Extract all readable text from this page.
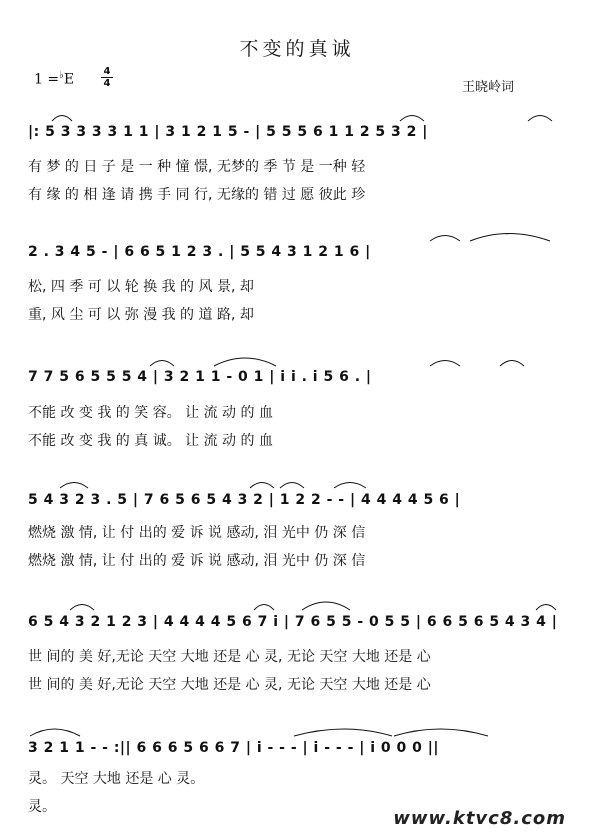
不变的真诚
1 =♭E
4
4	王晓岭词
|: 5 3 3 3 3 1 1 | 3 1 2 1 5 - | 5 5 5 6 1 1 2 5 3 2 |
有 梦 的 日 子 是 一 种 憧 憬, 无梦的 季 节 是 一种 轻
有 缘 的 相 逢 请 携 手 同 行, 无缘的 错 过 愿 彼此 珍
2 . 3 4 5 - | 6 6 5 1 2 3 . | 5 5 4 3 1 2 1 6 |
松, 四 季 可 以 轮 换 我 的 风 景, 却
重, 风 尘 可 以 弥 漫 我 的 道 路, 却
7 7 5 6 5 5 5 4 | 3 2 1 1 - 0 1 | i i . i 5 6 . |
不能 改 变 我 的 笑 容。 让 流 动 的 血
不能 改 变 我 的 真 诚。 让 流 动 的 血
5 4 3 2 3 . 5 | 7 6 5 6 5 4 3 2 | 1 2 2 - - | 4 4 4 4 5 6 |
燃烧 激 情, 让 付 出的 爱 诉 说 感动, 泪 光中 仍 深 信
燃烧 激 情, 让 付 出的 爱 诉 说 感动, 泪 光中 仍 深 信
6 5 4 3 2 1 2 3 | 4 4 4 4 5 6 7 i | 7 6 5 5 - 0 5 5 | 6 6 5 6 5 4 3 4 |
世 间的 美 好,无论 天空 大地 还是 心 灵, 无论 天空 大地 还是 心
世 间的 美 好,无论 天空 大地 还是 心 灵, 无论 天空 大地 还是 心
3 2 1 1 - - :|| 6 6 6 5 6 6 7 | i - - - | i - - - | i 0 0 0 ||
灵。 天空 大地 还是 心 灵。
灵。
www.ktvc8.com
